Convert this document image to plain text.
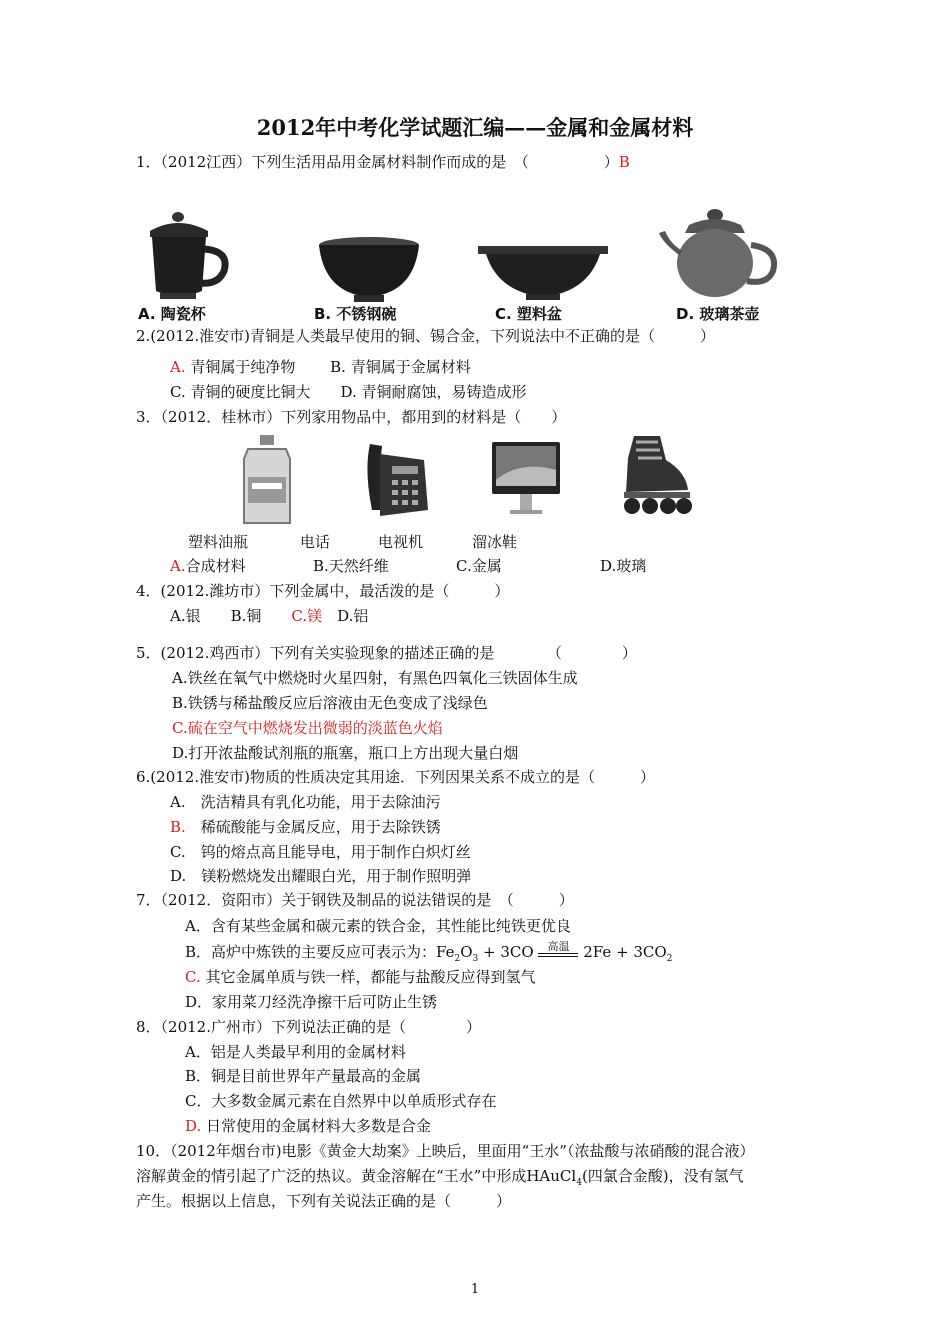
2012年中考化学试题汇编——金属和金属材料
1．（2012江西）下列生活用品用金属材料制作而成的是　（　　　　　）B
A. 陶瓷杯	B. 不锈钢碗	C. 塑料盆	D. 玻璃茶壶
2.(2012.淮安市)青铜是人类最早使用的铜、锡合金，下列说法中不正确的是（　　　）
A. 青铜属于纯净物　　 B. 青铜属于金属材料
C. 青铜的硬度比铜大　　D. 青铜耐腐蚀，易铸造成形
3．（2012．桂林市）下列家用物品中，都用到的材料是（　　）
塑料油瓶	电话	电视机	溜冰鞋
A.合成材料	B.天然纤维	C.金属	D.玻璃
4．(2012.潍坊市）下列金属中，最活泼的是（　　　）
A.银　　B.铜　　C.镁　D.铝
5．(2012.鸡西市）下列有关实验现象的描述正确的是　　　　（　　　　）
A.铁丝在氧气中燃烧时火星四射，有黑色四氧化三铁固体生成
B.铁锈与稀盐酸反应后溶液由无色变成了浅绿色
C.硫在空气中燃烧发出微弱的淡蓝色火焰
D.打开浓盐酸试剂瓶的瓶塞，瓶口上方出现大量白烟
6.(2012.淮安市)物质的性质决定其用途．下列因果关系不成立的是（　　　）
A.　洗洁精具有乳化功能，用于去除油污
B.　稀硫酸能与金属反应，用于去除铁锈
C.　钨的熔点高且能导电，用于制作白炽灯丝
D.　镁粉燃烧发出耀眼白光，用于制作照明弹
7．（2012．资阳市）关于钢铁及制品的说法错误的是　（　　　）
A．含有某些金属和碳元素的铁合金，其性能比纯铁更优良
B．高炉中炼铁的主要反应可表示为：$Fe_2O_3 + 3CO$ 高温 $2Fe + 3CO_2$
C. 其它金属单质与铁一样，都能与盐酸反应得到氢气
D．家用菜刀经洗净擦干后可防止生锈
8．（2012.广州市）下列说法正确的是（　　　　）
A．铝是人类最早利用的金属材料
B．铜是目前世界年产量最高的金属
C．大多数金属元素在自然界中以单质形式存在
D. 日常使用的金属材料大多数是合金
10．（2012年烟台市)电影《黄金大劫案》上映后，里面用“王水”（浓盐酸与浓硝酸的混合液）
溶解黄金的情引起了广泛的热议。黄金溶解在“王水”中形成HAuCl$_4$(四氯合金酸)，没有氢气
产生。根据以上信息，下列有关说法正确的是（　　　）
1
